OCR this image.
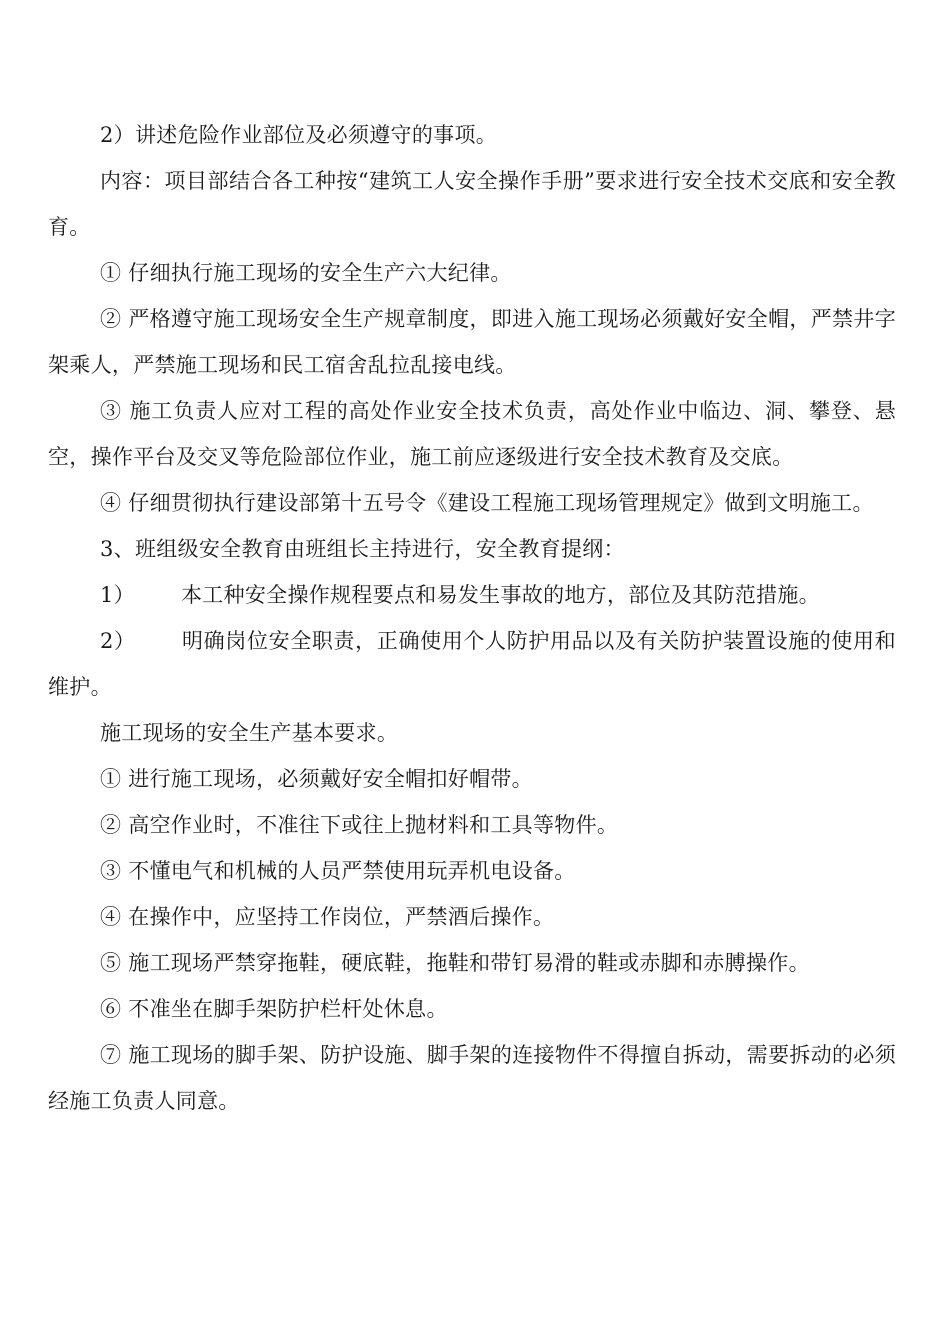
2）讲述危险作业部位及必须遵守的事项。

内容：项目部结合各工种按“建筑工人安全操作手册”要求进行安全技术交底和安全教育。

① 仔细执行施工现场的安全生产六大纪律。

② 严格遵守施工现场安全生产规章制度，即进入施工现场必须戴好安全帽，严禁井字架乘人，严禁施工现场和民工宿舍乱拉乱接电线。

③ 施工负责人应对工程的高处作业安全技术负责，高处作业中临边、洞、攀登、悬空，操作平台及交叉等危险部位作业，施工前应逐级进行安全技术教育及交底。

④ 仔细贯彻执行建设部第十五号令《建设工程施工现场管理规定》做到文明施工。

3、班组级安全教育由班组长主持进行，安全教育提纲：

1） 本工种安全操作规程要点和易发生事故的地方，部位及其防范措施。

2） 明确岗位安全职责，正确使用个人防护用品以及有关防护装置设施的使用和维护。

施工现场的安全生产基本要求。

① 进行施工现场，必须戴好安全帽扣好帽带。

② 高空作业时，不准往下或往上抛材料和工具等物件。

③ 不懂电气和机械的人员严禁使用玩弄机电设备。

④ 在操作中，应坚持工作岗位，严禁酒后操作。

⑤ 施工现场严禁穿拖鞋，硬底鞋，拖鞋和带钉易滑的鞋或赤脚和赤膊操作。

⑥ 不准坐在脚手架防护栏杆处休息。

⑦ 施工现场的脚手架、防护设施、脚手架的连接物件不得擅自拆动，需要拆动的必须经施工负责人同意。
